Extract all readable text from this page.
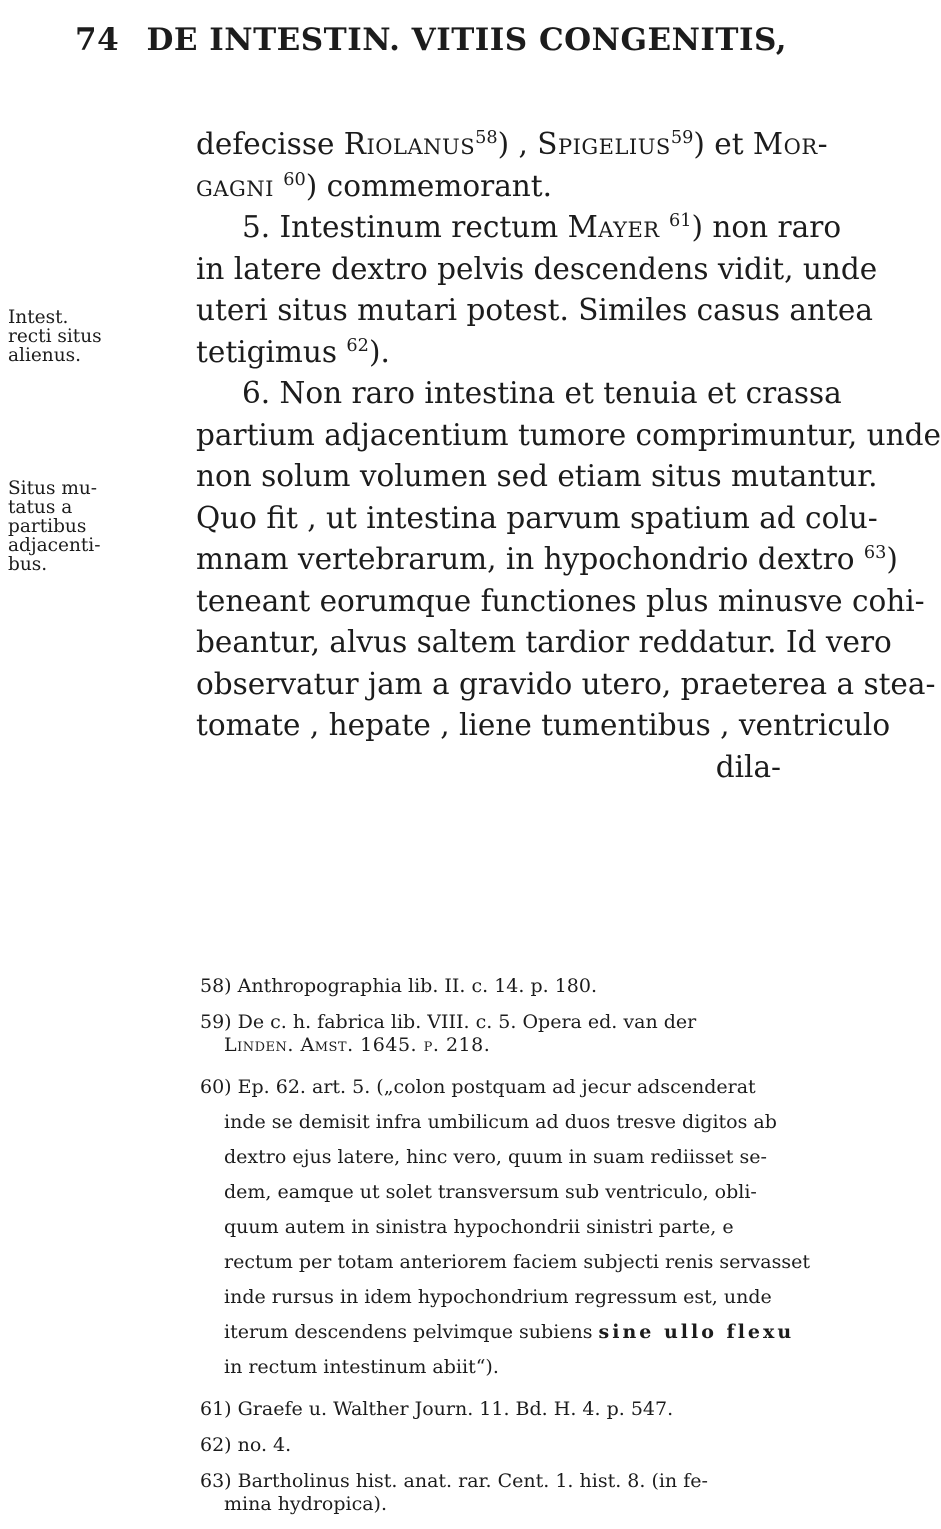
74 DE INTESTIN. VITIIS CONGENITIS,
Intest.
recti situs
alienus.
Situs mu-
tatus a
partibus
adjacenti-
bus.
defecisse Riolanus$^{58}$) , Spigelius$^{59}$) et Mor-
gagni $^{60}$) commemorant.
5. Intestinum rectum Mayer $^{61}$) non raro
in latere dextro pelvis descendens vidit, unde
uteri situs mutari potest. Similes casus antea
tetigimus $^{62}$).
6. Non raro intestina et tenuia et crassa
partium adjacentium tumore comprimuntur, unde
non solum volumen sed etiam situs mutantur.
Quo fit , ut intestina parvum spatium ad colu-
mnam vertebrarum, in hypochondrio dextro $^{63}$)
teneant eorumque functiones plus minusve cohi-
beantur, alvus saltem tardior reddatur. Id vero
observatur jam a gravido utero, praeterea a stea-
tomate , hepate , liene tumentibus , ventriculo
dila-
58) Anthropographia lib. II. c. 14. p. 180.
59) De c. h. fabrica lib. VIII. c. 5. Opera ed. van der
Linden. Amst. 1645. p. 218.
60) Ep. 62. art. 5. („colon postquam ad jecur adscenderat
inde se demisit infra umbilicum ad duos tresve digitos ab
dextro ejus latere, hinc vero, quum in suam rediisset se-
dem, eamque ut solet transversum sub ventriculo, obli-
quum autem in sinistra hypochondrii sinistri parte, e
rectum per totam anteriorem faciem subjecti renis servasset
inde rursus in idem hypochondrium regressum est, unde
iterum descendens pelvimque subiens sine ullo flexu
in rectum intestinum abiit“).
61) Graefe u. Walther Journ. 11. Bd. H. 4. p. 547.
62) no. 4.
63) Bartholinus hist. anat. rar. Cent. 1. hist. 8. (in fe-
mina hydropica).
